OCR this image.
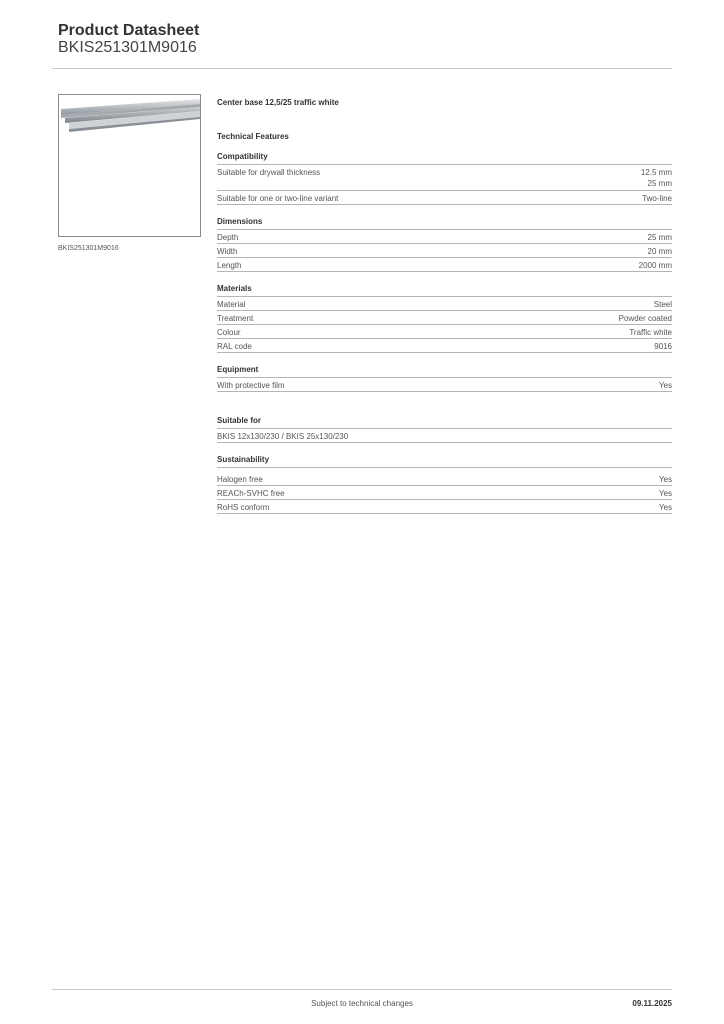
Product Datasheet
BKIS251301M9016
BKIS251301M9016
Center base 12,5/25 traffic white
Technical Features
Compatibility
Suitable for drywall thickness	12.5 mm
25 mm
Suitable for one or two-line variant	Two-line
Dimensions
Depth	25 mm
Width	20 mm
Length	2000 mm
Materials
Material	Steel
Treatment	Powder coated
Colour	Traffic white
RAL code	9016
Equipment
With protective film	Yes
Suitable for
BKIS 12x130/230 / BKIS 25x130/230
Sustainability
Halogen free	Yes
REACh-SVHC free	Yes
RoHS conform	Yes
Subject to technical changes	09.11.2025
